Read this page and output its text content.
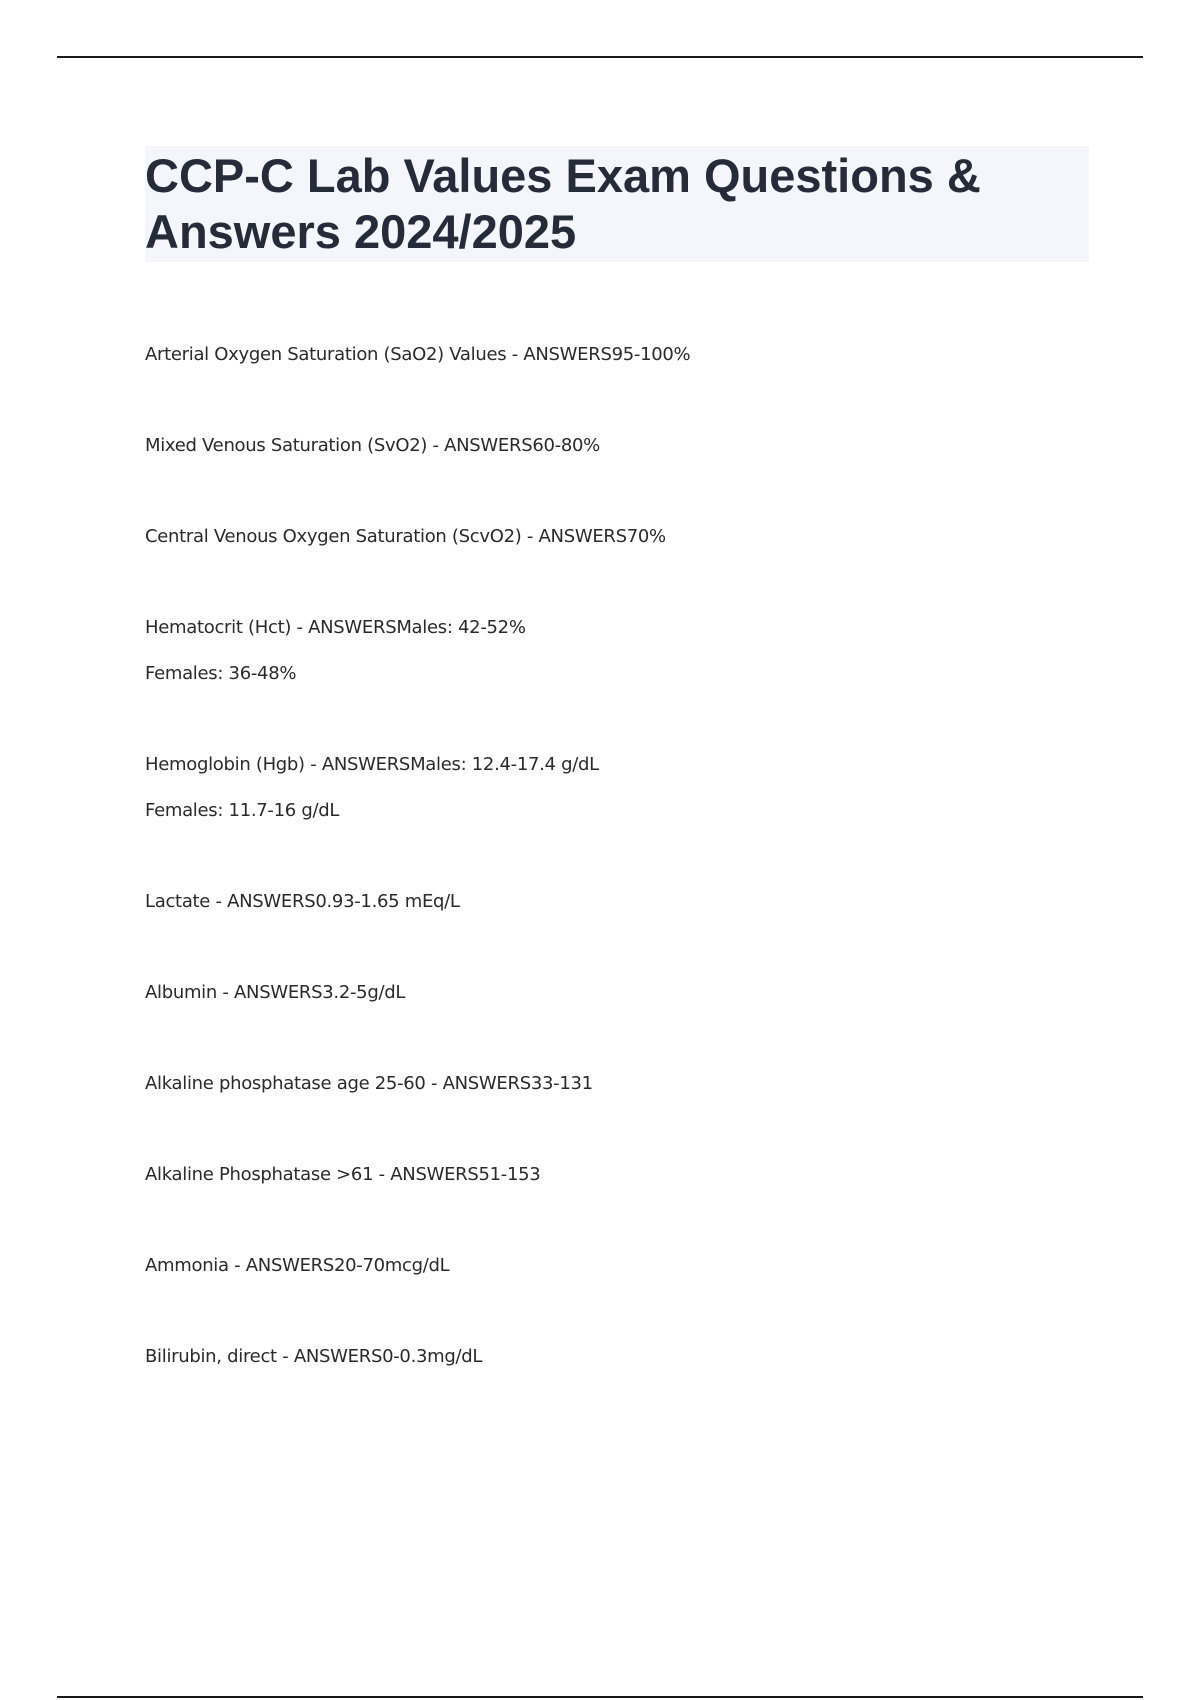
CCP-C Lab Values Exam Questions & Answers 2024/2025
Arterial Oxygen Saturation (SaO2) Values - ANSWERS95-100%
Mixed Venous Saturation (SvO2) - ANSWERS60-80%
Central Venous Oxygen Saturation (ScvO2) - ANSWERS70%
Hematocrit (Hct) - ANSWERSMales: 42-52%
Females: 36-48%
Hemoglobin (Hgb) - ANSWERSMales: 12.4-17.4 g/dL
Females: 11.7-16 g/dL
Lactate - ANSWERS0.93-1.65 mEq/L
Albumin - ANSWERS3.2-5g/dL
Alkaline phosphatase age 25-60 - ANSWERS33-131
Alkaline Phosphatase >61 - ANSWERS51-153
Ammonia - ANSWERS20-70mcg/dL
Bilirubin, direct - ANSWERS0-0.3mg/dL
